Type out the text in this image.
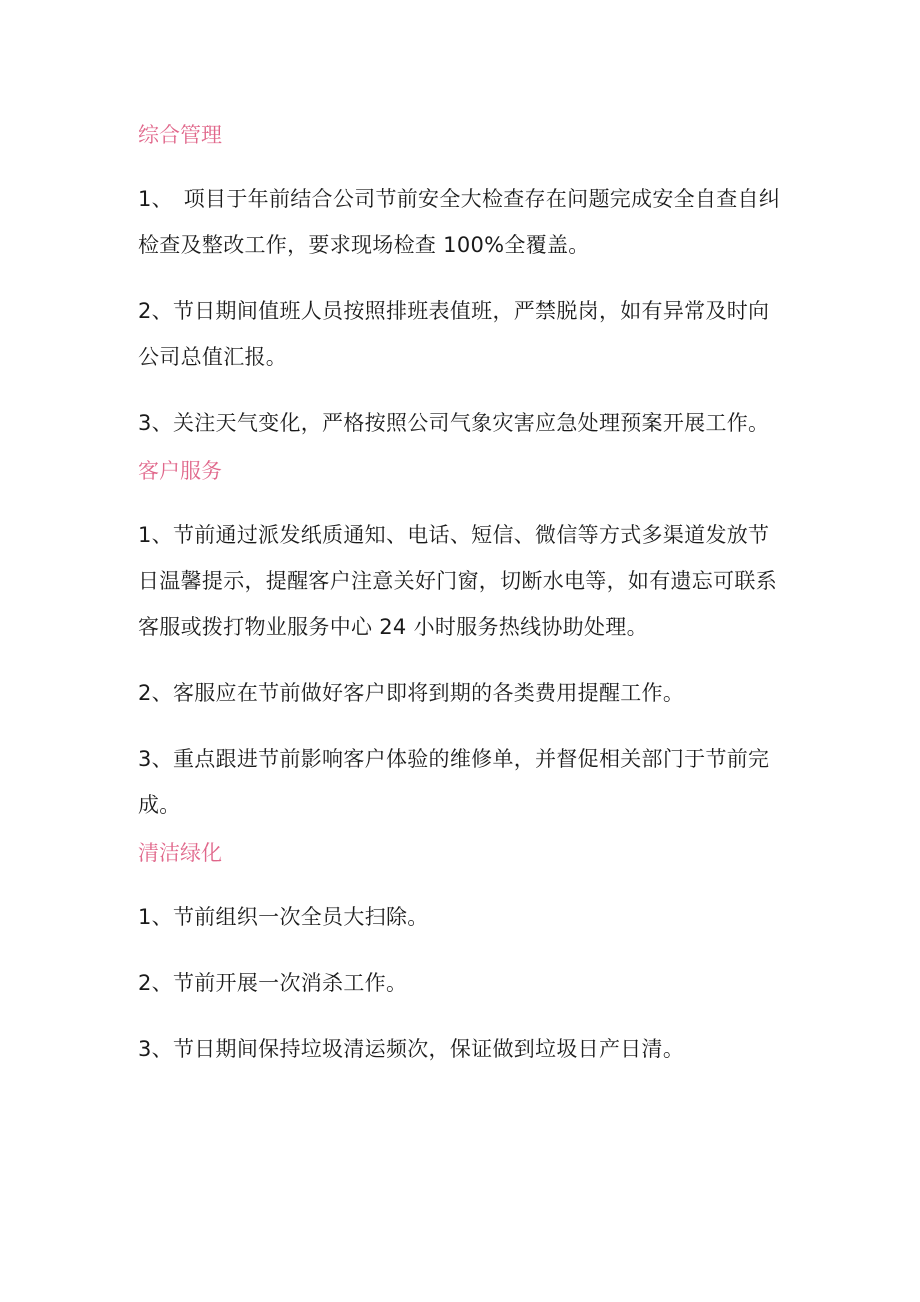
综合管理

1、　项目于年前结合公司节前安全大检查存在问题完成安全自查自纠检查及整改工作，要求现场检查 100%全覆盖。

2、节日期间值班人员按照排班表值班，严禁脱岗，如有异常及时向公司总值汇报。

3、关注天气变化，严格按照公司气象灾害应急处理预案开展工作。

客户服务

1、节前通过派发纸质通知、电话、短信、微信等方式多渠道发放节日温馨提示，提醒客户注意关好门窗，切断水电等，如有遗忘可联系客服或拨打物业服务中心 24 小时服务热线协助处理。

2、客服应在节前做好客户即将到期的各类费用提醒工作。

3、重点跟进节前影响客户体验的维修单，并督促相关部门于节前完成。

清洁绿化

1、节前组织一次全员大扫除。

2、节前开展一次消杀工作。

3、节日期间保持垃圾清运频次，保证做到垃圾日产日清。
